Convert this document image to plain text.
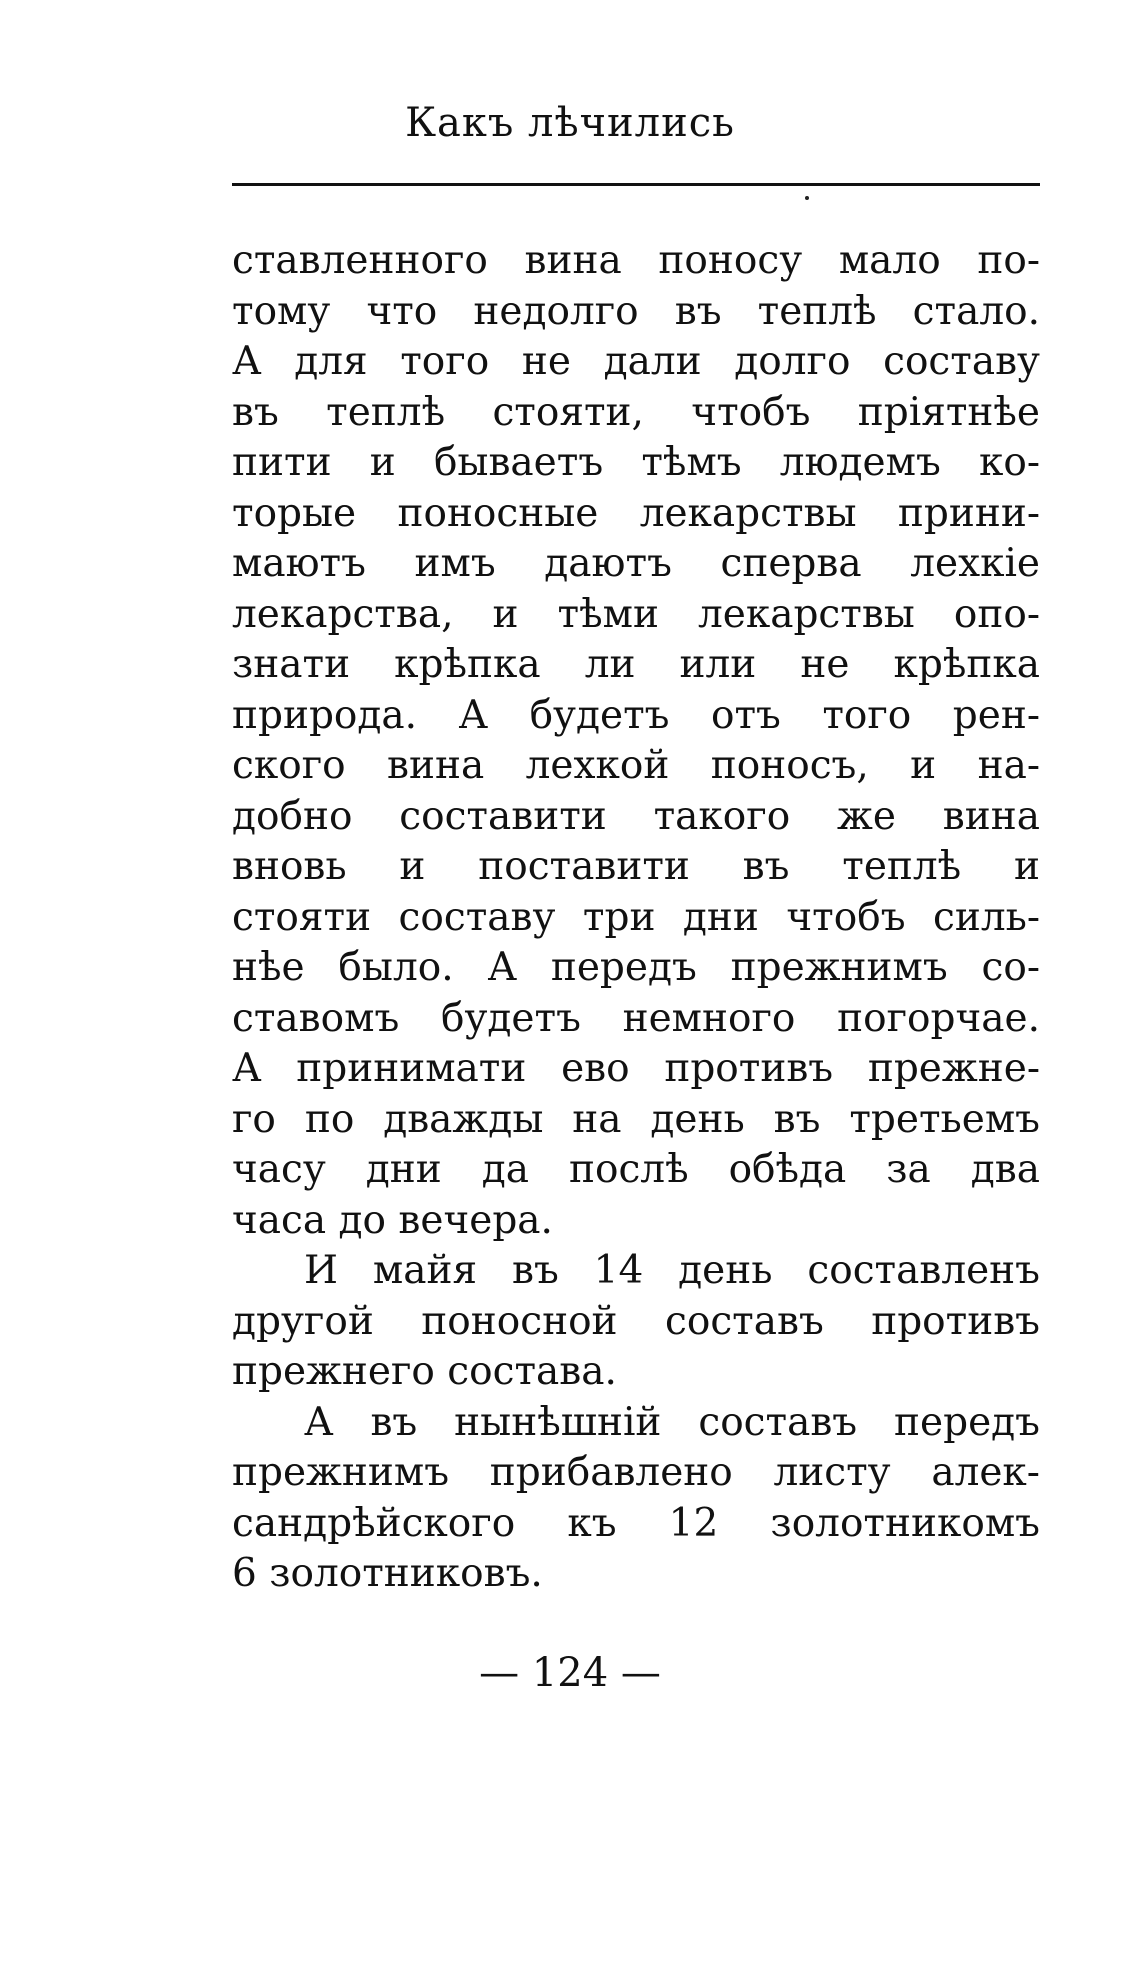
Какъ лѣчились
ставленного вина поносу мало по-
тому что недолго въ теплѣ стало.
А для того не дали долго составу
въ теплѣ стояти, чтобъ пріятнѣе
пити и бываетъ тѣмъ людемъ ко-
торые поносные лекарствы прини-
маютъ имъ даютъ сперва лехкіе
лекарства, и тѣми лекарствы опо-
знати крѣпка ли или не крѣпка
природа. А будетъ отъ того рен-
ского вина лехкой поносъ, и на-
добно составити такого же вина
вновь и поставити въ теплѣ и
стояти составу три дни чтобъ силь-
нѣе было. А передъ прежнимъ со-
ставомъ будетъ немного погорчае.
А принимати ево противъ прежне-
го по дважды на день въ третьемъ
часу дни да послѣ обѣда за два
часа до вечера.
И майя въ 14 день составленъ
другой поносной составъ противъ
прежнего состава.
А въ нынѣшній составъ передъ
прежнимъ прибавлено листу алек-
сандрѣйского къ 12 золотникомъ
6 золотниковъ.
— 124 —
